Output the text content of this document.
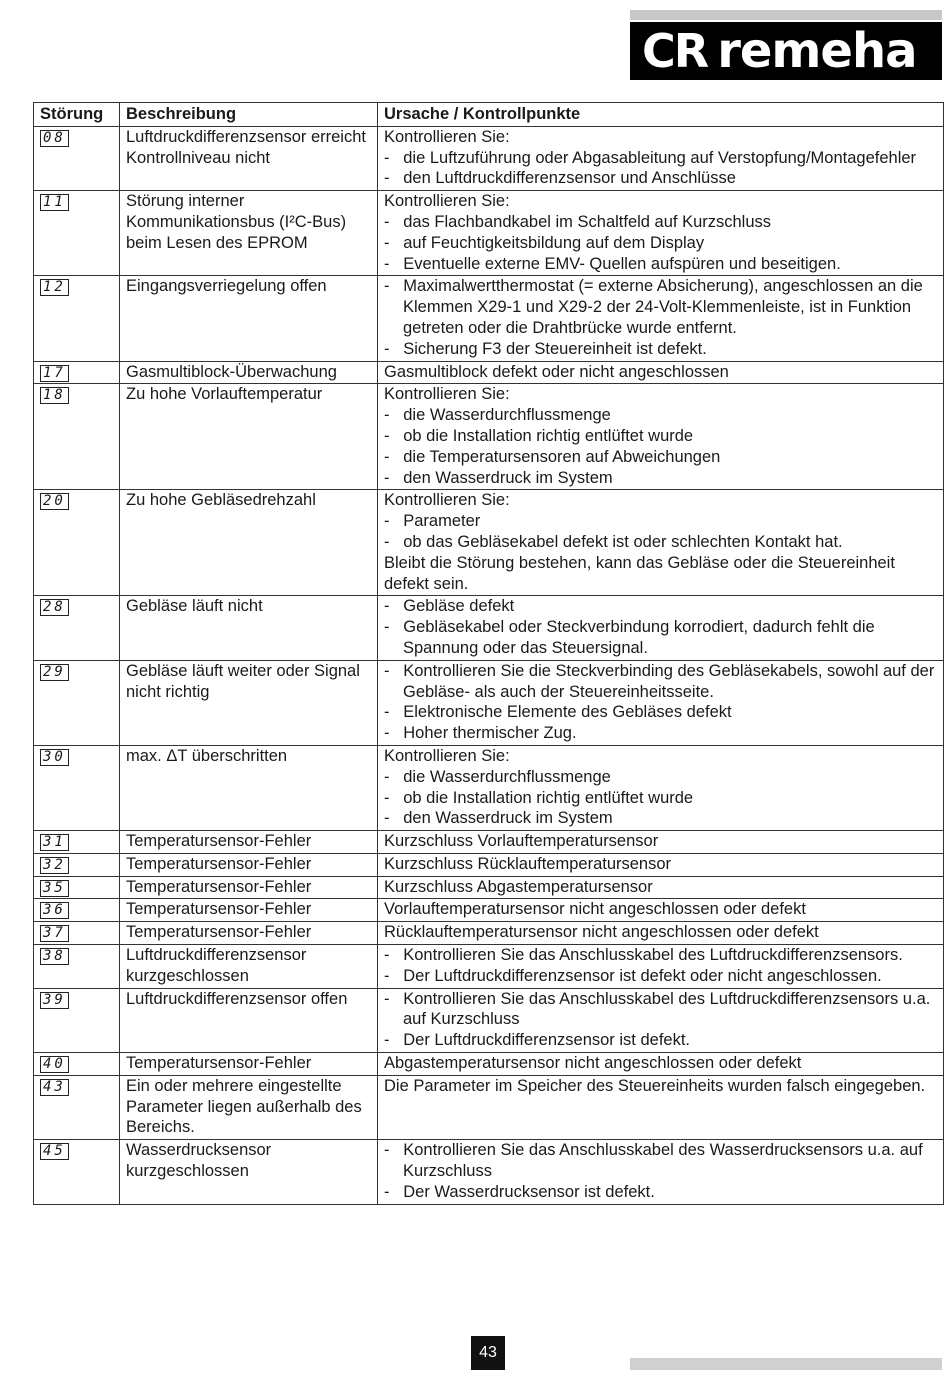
CR remeha
Störung	Beschreibung	Ursache / Kontrollpunkte
08	Luftdruckdifferenzsensor erreicht Kontrollniveau nicht	Kontrollieren Sie:
-   die Luftzuführung oder Abgasableitung auf Verstopfung/Montagefehler
-   den Luftdruckdifferenzsensor und Anschlüsse

11	Störung interner Kommunikationsbus (I²C-Bus) beim Lesen des EPROM	Kontrollieren Sie:
-   das Flachbandkabel im Schaltfeld auf Kurzschluss
-   auf Feuchtigkeitsbildung auf dem Display
-   Eventuelle externe EMV- Quellen aufspüren und beseitigen.

12	Eingangsverriegelung offen	-   Maximalwertthermostat (= externe Absicherung), angeschlossen an die Klemmen X29-1 und X29-2 der 24-Volt-Klemmenleiste, ist in Funktion getreten oder die Drahtbrücke wurde entfernt.
-   Sicherung F3 der Steuereinheit ist defekt.

17	Gasmultiblock-Überwachung	Gasmultiblock defekt oder nicht angeschlossen

18	Zu hohe Vorlauftemperatur	Kontrollieren Sie:
-   die Wasserdurchflussmenge
-   ob die Installation richtig entlüftet wurde
-   die Temperatursensoren auf Abweichungen
-   den Wasserdruck im System

20	Zu hohe Gebläsedrehzahl	Kontrollieren Sie:
-   Parameter
-   ob das Gebläsekabel defekt ist oder schlechten Kontakt hat.
Bleibt die Störung bestehen, kann das Gebläse oder die Steuereinheit defekt sein.

28	Gebläse läuft nicht	-   Gebläse defekt
-   Gebläsekabel oder Steckverbindung korrodiert, dadurch fehlt die Spannung oder das Steuersignal.

29	Gebläse läuft weiter oder Signal nicht richtig	-   Kontrollieren Sie die Steckverbinding des Gebläsekabels, sowohl auf der Gebläse- als auch der Steuereinheitsseite.
-   Elektronische Elemente des Gebläses defekt
-   Hoher thermischer Zug.

30	max. ΔT überschritten	Kontrollieren Sie:
-   die Wasserdurchflussmenge
-   ob die Installation richtig entlüftet wurde
-   den Wasserdruck im System

31	Temperatursensor-Fehler	Kurzschluss Vorlauftemperatursensor

32	Temperatursensor-Fehler	Kurzschluss Rücklauftemperatursensor

35	Temperatursensor-Fehler	Kurzschluss Abgastemperatursensor

36	Temperatursensor-Fehler	Vorlauftemperatursensor nicht angeschlossen oder defekt

37	Temperatursensor-Fehler	Rücklauftemperatursensor nicht angeschlossen oder defekt

38	Luftdruckdifferenzsensor kurzgeschlossen	-   Kontrollieren Sie das Anschlusskabel des Luftdruckdifferenzsensors.
-   Der Luftdruckdifferenzsensor ist defekt oder nicht angeschlossen.

39	Luftdruckdifferenzsensor offen	-   Kontrollieren Sie das Anschlusskabel des Luftdruckdifferenzsensors u.a. auf Kurzschluss
-   Der Luftdruckdifferenzsensor ist defekt.

40	Temperatursensor-Fehler	Abgastemperatursensor nicht angeschlossen oder defekt

43	Ein oder mehrere eingestellte Parameter liegen außerhalb des Bereichs.	Die Parameter im Speicher des Steuereinheits wurden falsch eingegeben.

45	Wasserdrucksensor kurzgeschlossen	-   Kontrollieren Sie das Anschlusskabel des Wasserdrucksensors u.a. auf Kurzschluss
-   Der Wasserdrucksensor ist defekt.
43
